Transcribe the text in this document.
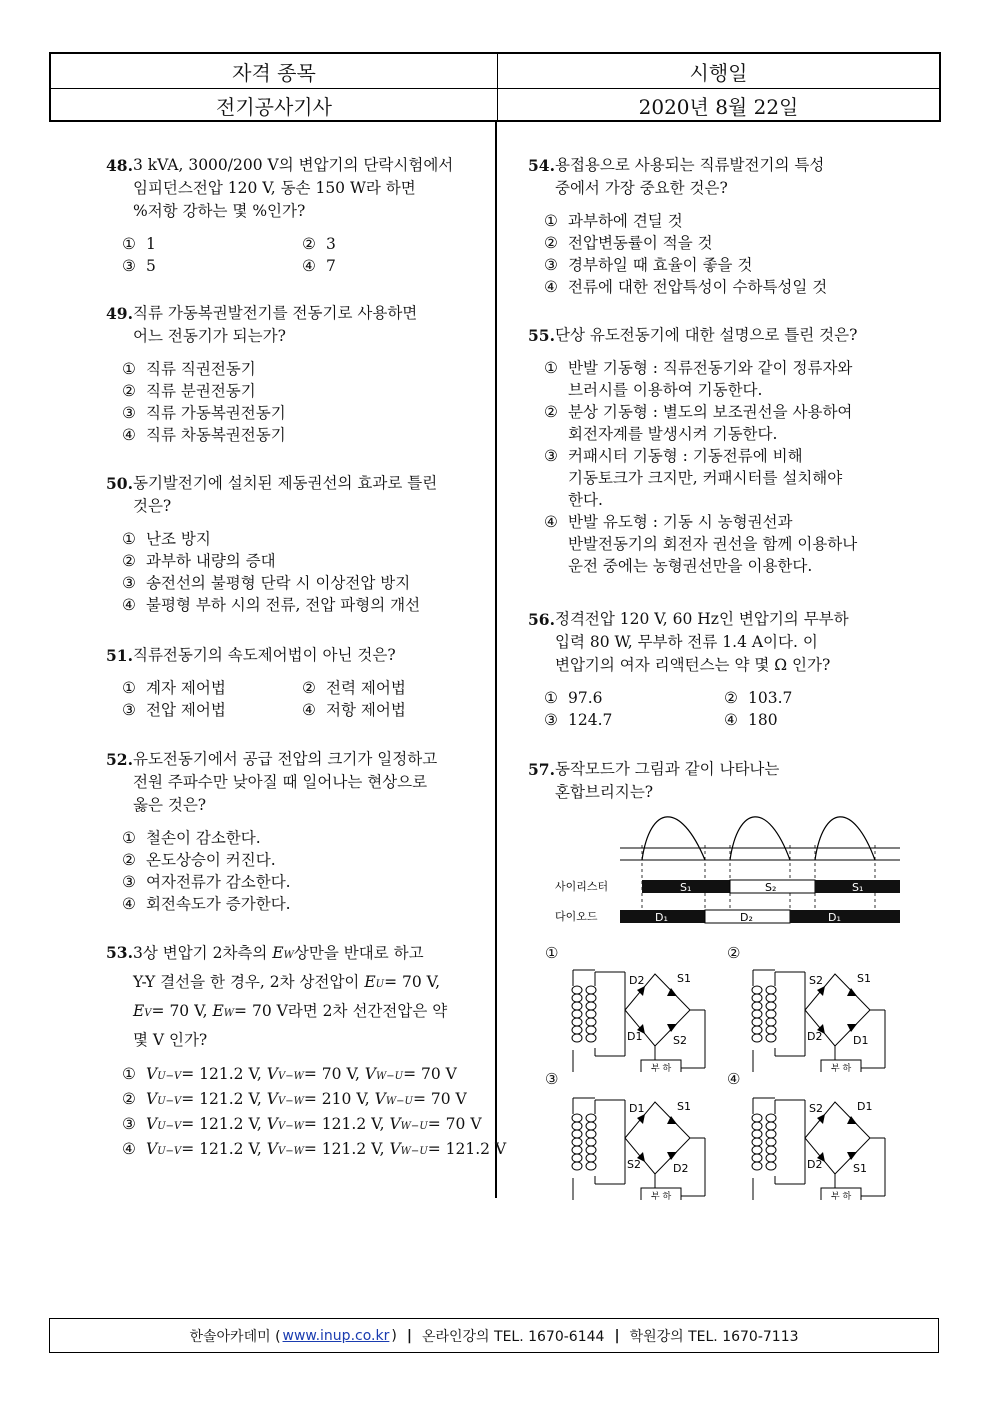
자격 종목	시행일
전기공사기사	2020년 8월 22일
48. 3 kVA, 3000/200 V의 변압기의 단락시험에서
임피던스전압 120 V, 동손 150 W라 하면
%저항 강하는 몇 %인가?
① 1	② 3
③ 5	④ 7
49. 직류 가동복권발전기를 전동기로 사용하면
어느 전동기가 되는가?
① 직류 직권전동기
② 직류 분권전동기
③ 직류 가동복권전동기
④ 직류 차동복권전동기
50. 동기발전기에 설치된 제동권선의 효과로 틀린
것은?
① 난조 방지
② 과부하 내량의 증대
③ 송전선의 불평형 단락 시 이상전압 방지
④ 불평형 부하 시의 전류, 전압 파형의 개선
51. 직류전동기의 속도제어법이 아닌 것은?
① 계자 제어법	② 전력 제어법
③ 전압 제어법	④ 저항 제어법
52. 유도전동기에서 공급 전압의 크기가 일정하고
전원 주파수만 낮아질 때 일어나는 현상으로
옳은 것은?
① 철손이 감소한다.
② 온도상승이 커진다.
③ 여자전류가 감소한다.
④ 회전속도가 증가한다.
53. 3상 변압기 2차측의 EW상만을 반대로 하고
Y-Y 결선을 한 경우, 2차 상전압이 EU= 70 V,
EV= 70 V, EW= 70 V라면 2차 선간전압은 약
몇 V 인가?
① VU−V= 121.2 V, VV−W= 70 V, VW−U= 70 V
② VU−V= 121.2 V, VV−W= 210 V, VW−U= 70 V
③ VU−V= 121.2 V, VV−W= 121.2 V, VW−U= 70 V
④ VU−V= 121.2 V, VV−W= 121.2 V, VW−U= 121.2 V
54. 용접용으로 사용되는 직류발전기의 특성
중에서 가장 중요한 것은?
① 과부하에 견딜 것
② 전압변동률이 적을 것
③ 경부하일 때 효율이 좋을 것
④ 전류에 대한 전압특성이 수하특성일 것
55. 단상 유도전동기에 대한 설명으로 틀린 것은?
① 반발 기동형 : 직류전동기와 같이 정류자와
브러시를 이용하여 기동한다.
② 분상 기동형 : 별도의 보조권선을 사용하여
회전자계를 발생시켜 기동한다.
③ 커패시터 기동형 : 기동전류에 비해
기동토크가 크지만, 커패시터를 설치해야
한다.
④ 반발 유도형 : 기동 시 농형권선과
반발전동기의 회전자 권선을 함께 이용하나
운전 중에는 농형권선만을 이용한다.
56. 정격전압 120 V, 60 Hz인 변압기의 무부하
입력 80 W, 무부하 전류 1.4 A이다. 이
변압기의 여자 리액턴스는 약 몇 Ω 인가?
① 97.6	② 103.7
③ 124.7	④ 180
57. 동작모드가 그림과 같이 나타나는
혼합브리지는?
사이리스터	S₁	S₂	S₁
다이오드	D₁	D₂	D₁
①	②
③	④
D2	S1
D1	S2
부 하
S2	S1
D2	D1
부 하
D1	S1
S2	D2
부 하
S2	D1
D2	S1
부 하
한솔아카데미 ( www.inup.co.kr ) | 온라인강의 TEL. 1670-6144 | 학원강의 TEL. 1670-7113
